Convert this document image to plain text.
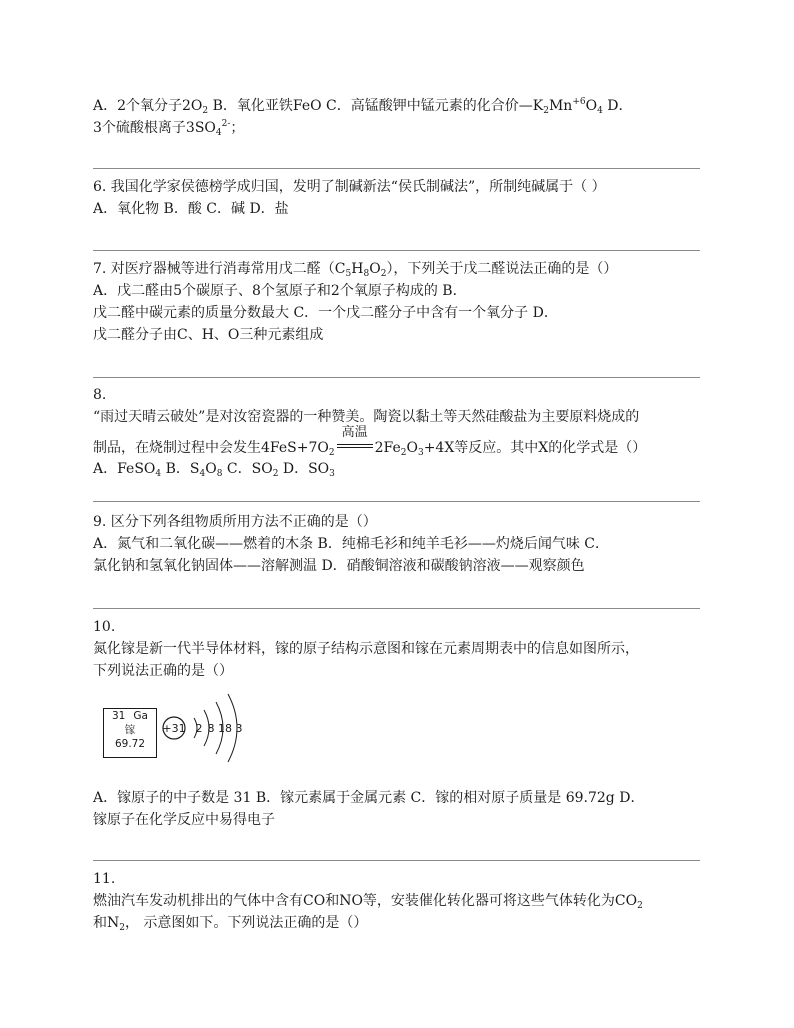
A．2个氧分子$2O_2$ B．氧化亚铁FeO C．高锰酸钾中锰元素的化合价$—K_2Mn^{+6}O_4$ D．
3个硫酸根离子$3SO_4^{2-}$；
6. 我国化学家侯德榜学成归国，发明了制碱新法“侯氏制碱法”，所制纯碱属于（ ）
A．氧化物 B．酸 C．碱 D．盐
7. 对医疗器械等进行消毒常用戊二醛$(C_5H_8O_2)$，下列关于戊二醛说法正确的是（）
A．戊二醛由5个碳原子、8个氢原子和2个氧原子构成的 B．
戊二醛中碳元素的质量分数最大 C．一个戊二醛分子中含有一个氧分子 D．
戊二醛分子由C、H、O三种元素组成
8.
“雨过天晴云破处”是对汝窑瓷器的一种赞美。陶瓷以黏土等天然硅酸盐为主要原料烧成的
制品，在烧制过程中会发生$4FeS+7O_2$
高温
$2Fe_2O_3+4X$等反应。其中X的化学式是（）
A．FeSO$_4$ B．$S_4O_8$ C．$SO_2$ D．$SO_3$
9. 区分下列各组物质所用方法不正确的是（）
A．氮气和二氧化碳——燃着的木条 B．纯棉毛衫和纯羊毛衫——灼烧后闻气味 C．
氯化钠和氢氧化钠固体——溶解测温 D．硝酸铜溶液和碳酸钠溶液——观察颜色
10.
氮化镓是新一代半导体材料，镓的原子结构示意图和镓在元素周期表中的信息如图所示，
下列说法正确的是（）
31 Ga
镓
69.72
+31 2 8 18 3
A．镓原子的中子数是 31 B．镓元素属于金属元素 C．镓的相对原子质量是 69.72g D．
镓原子在化学反应中易得电子
11.
燃油汽车发动机排出的气体中含有CO和NO等，安装催化转化器可将这些气体转化为$CO_2$
和$N_2$， 示意图如下。下列说法正确的是（）
